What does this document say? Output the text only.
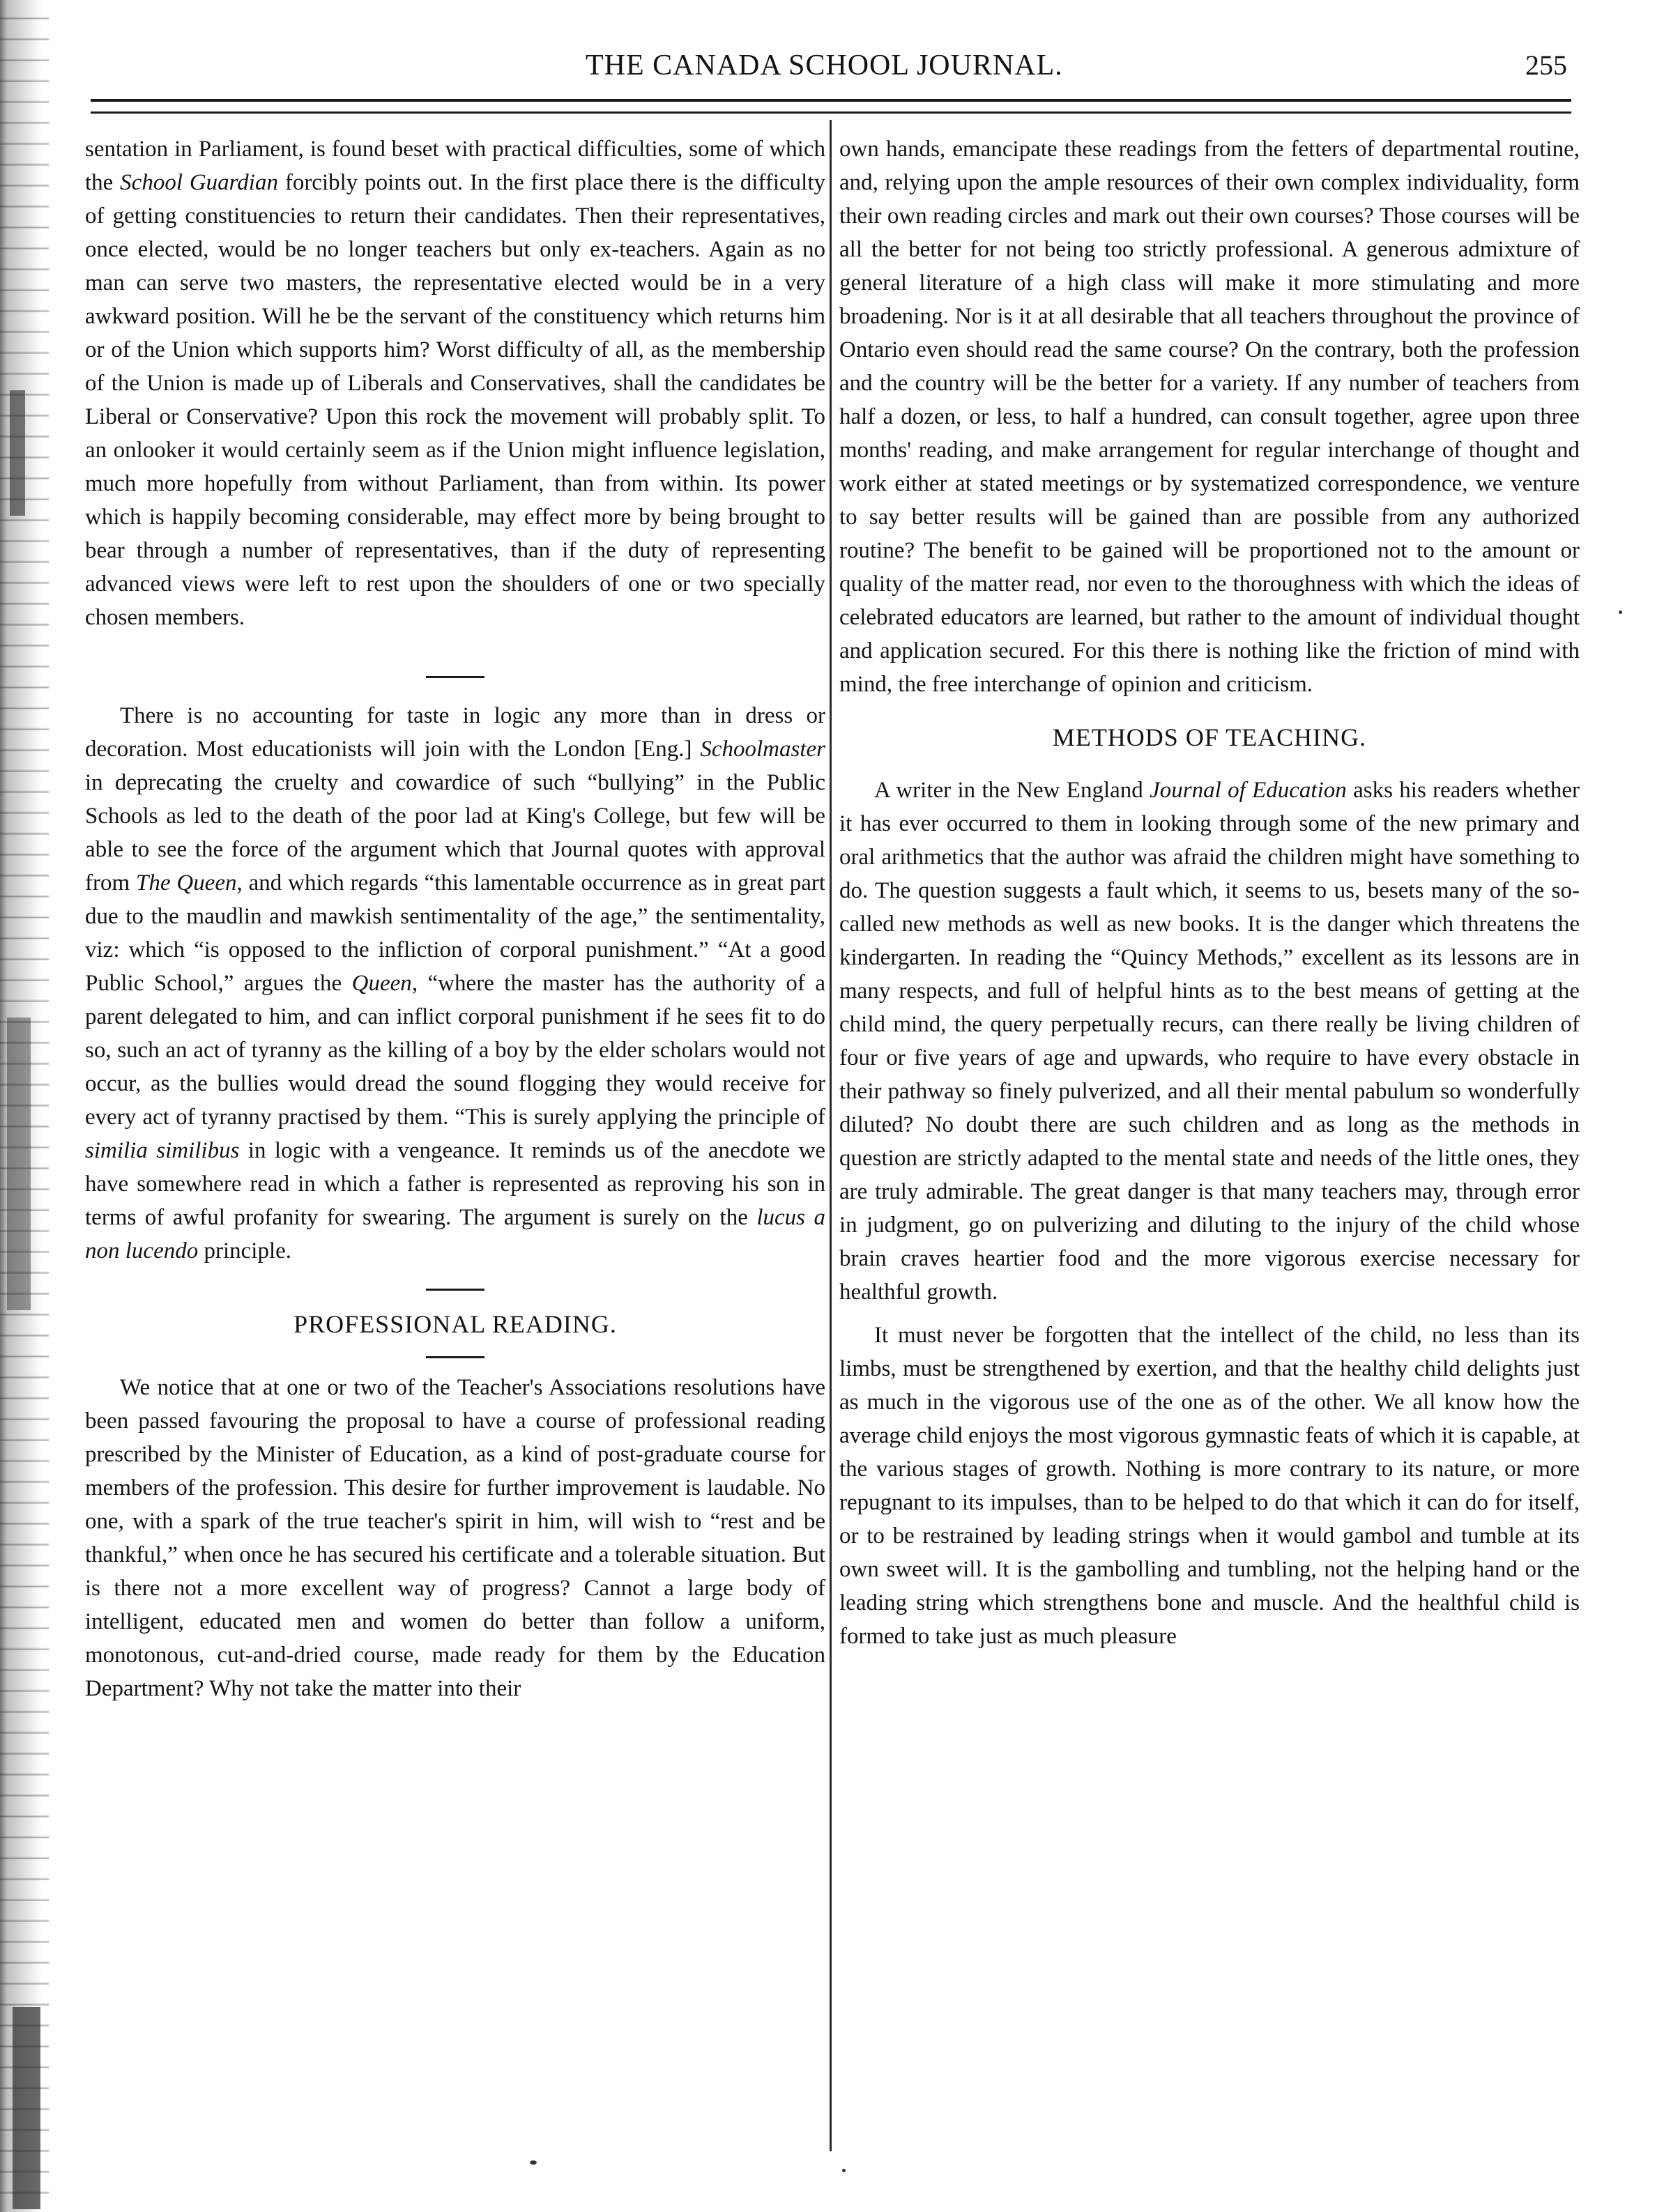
THE CANADA SCHOOL JOURNAL.	255

sentation in Parliament, is found beset with practical difficulties, some of which the School Guardian forcibly points out. In the first place there is the difficulty of getting constituencies to return their candidates. Then their representatives, once elected, would be no longer teachers but only ex-teachers. Again as no man can serve two masters, the representative elected would be in a very awkward position. Will he be the servant of the constituency which returns him or of the Union which supports him? Worst difficulty of all, as the membership of the Union is made up of Liberals and Conservatives, shall the candidates be Liberal or Conservative? Upon this rock the movement will probably split. To an onlooker it would certainly seem as if the Union might influence legislation, much more hopefully from without Parliament, than from within. Its power which is happily becoming considerable, may effect more by being brought to bear through a number of representatives, than if the duty of representing advanced views were left to rest upon the shoulders of one or two specially chosen members.

There is no accounting for taste in logic any more than in dress or decoration. Most educationists will join with the London [Eng.] Schoolmaster in deprecating the cruelty and cowardice of such “bullying” in the Public Schools as led to the death of the poor lad at King's College, but few will be able to see the force of the argument which that Journal quotes with approval from The Queen, and which regards “this lamentable occurrence as in great part due to the maudlin and mawkish sentimentality of the age,” the sentimentality, viz: which “is opposed to the infliction of corporal punishment.” “At a good Public School,” argues the Queen, “where the master has the authority of a parent delegated to him, and can inflict corporal punishment if he sees fit to do so, such an act of tyranny as the killing of a boy by the elder scholars would not occur, as the bullies would dread the sound flogging they would receive for every act of tyranny practised by them. “This is surely applying the principle of similia similibus in logic with a vengeance. It reminds us of the anecdote we have somewhere read in which a father is represented as reproving his son in terms of awful profanity for swearing. The argument is surely on the lucus a non lucendo principle.

PROFESSIONAL READING.

We notice that at one or two of the Teacher's Associations resolutions have been passed favouring the proposal to have a course of professional reading prescribed by the Minister of Education, as a kind of post-graduate course for members of the profession. This desire for further improvement is laudable. No one, with a spark of the true teacher's spirit in him, will wish to “rest and be thankful,” when once he has secured his certificate and a tolerable situation. But is there not a more excellent way of progress? Cannot a large body of intelligent, educated men and women do better than follow a uniform, monotonous, cut-and-dried course, made ready for them by the Education Department? Why not take the matter into their

own hands, emancipate these readings from the fetters of departmental routine, and, relying upon the ample resources of their own complex individuality, form their own reading circles and mark out their own courses? Those courses will be all the better for not being too strictly professional. A generous admixture of general literature of a high class will make it more stimulating and more broadening. Nor is it at all desirable that all teachers throughout the province of Ontario even should read the same course? On the contrary, both the profession and the country will be the better for a variety. If any number of teachers from half a dozen, or less, to half a hundred, can consult together, agree upon three months' reading, and make arrangement for regular interchange of thought and work either at stated meetings or by systematized correspondence, we venture to say better results will be gained than are possible from any authorized routine? The benefit to be gained will be proportioned not to the amount or quality of the matter read, nor even to the thoroughness with which the ideas of celebrated educators are learned, but rather to the amount of individual thought and application secured. For this there is nothing like the friction of mind with mind, the free interchange of opinion and criticism.

METHODS OF TEACHING.

A writer in the New England Journal of Education asks his readers whether it has ever occurred to them in looking through some of the new primary and oral arithmetics that the author was afraid the children might have something to do. The question suggests a fault which, it seems to us, besets many of the so-called new methods as well as new books. It is the danger which threatens the kindergarten. In reading the “Quincy Methods,” excellent as its lessons are in many respects, and full of helpful hints as to the best means of getting at the child mind, the query perpetually recurs, can there really be living children of four or five years of age and upwards, who require to have every obstacle in their pathway so finely pulverized, and all their mental pabulum so wonderfully diluted? No doubt there are such children and as long as the methods in question are strictly adapted to the mental state and needs of the little ones, they are truly admirable. The great danger is that many teachers may, through error in judgment, go on pulverizing and diluting to the injury of the child whose brain craves heartier food and the more vigorous exercise necessary for healthful growth.

It must never be forgotten that the intellect of the child, no less than its limbs, must be strengthened by exertion, and that the healthy child delights just as much in the vigorous use of the one as of the other. We all know how the average child enjoys the most vigorous gymnastic feats of which it is capable, at the various stages of growth. Nothing is more contrary to its nature, or more repugnant to its impulses, than to be helped to do that which it can do for itself, or to be restrained by leading strings when it would gambol and tumble at its own sweet will. It is the gambolling and tumbling, not the helping hand or the leading string which strengthens bone and muscle. And the healthful child is formed to take just as much pleasure
